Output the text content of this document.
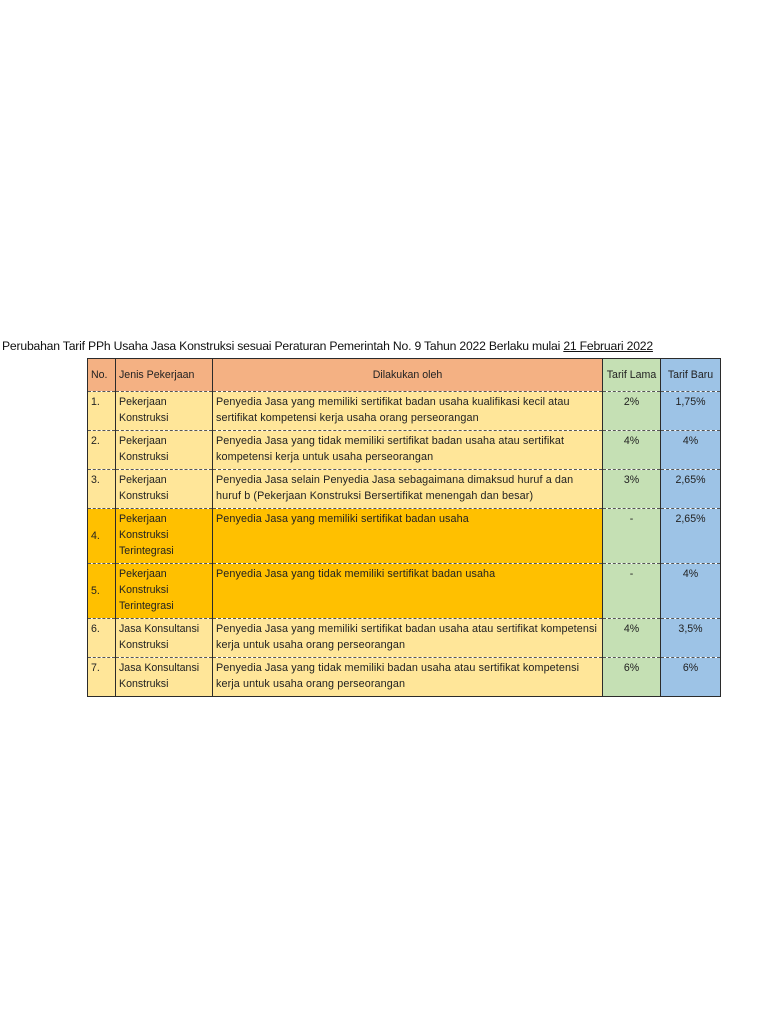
Perubahan Tarif PPh Usaha Jasa Konstruksi sesuai Peraturan Pemerintah No. 9 Tahun 2022 Berlaku mulai 21 Februari 2022
No.	Jenis Pekerjaan	Dilakukan oleh	Tarif Lama	Tarif Baru
1.	Pekerjaan Konstruksi	Penyedia Jasa yang memiliki sertifikat badan usaha kualifikasi kecil atau sertifikat kompetensi kerja usaha orang perseorangan	2%	1,75%
2.	Pekerjaan Konstruksi	Penyedia Jasa yang tidak memiliki sertifikat badan usaha atau sertifikat kompetensi kerja untuk usaha perseorangan	4%	4%
3.	Pekerjaan Konstruksi	Penyedia Jasa selain Penyedia Jasa sebagaimana dimaksud huruf a dan huruf b (Pekerjaan Konstruksi Bersertifikat menengah dan besar)	3%	2,65%
4.	Pekerjaan Konstruksi Terintegrasi	Penyedia Jasa yang memiliki sertifikat badan usaha	-	2,65%
5.	Pekerjaan Konstruksi Terintegrasi	Penyedia Jasa yang tidak memiliki sertifikat badan usaha	-	4%
6.	Jasa Konsultansi Konstruksi	Penyedia Jasa yang memiliki sertifikat badan usaha atau sertifikat kompetensi kerja untuk usaha orang perseorangan	4%	3,5%
7.	Jasa Konsultansi Konstruksi	Penyedia Jasa yang tidak memiliki badan usaha atau sertifikat kompetensi kerja untuk usaha orang perseorangan	6%	6%
